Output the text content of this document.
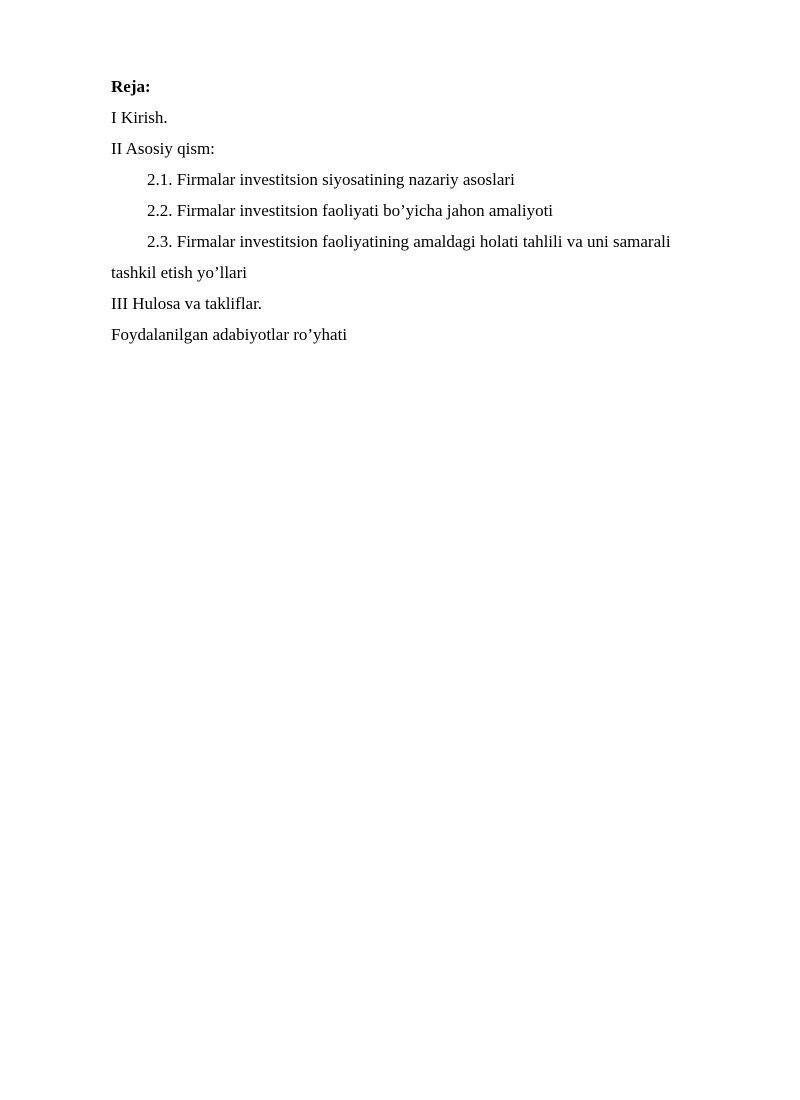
Reja:

I Kirish.

II Asosiy qism:

2.1. Firmalar investitsion siyosatining nazariy asoslari

2.2. Firmalar investitsion faoliyati bo’yicha jahon amaliyoti

2.3. Firmalar investitsion faoliyatining amaldagi holati tahlili va uni samarali

tashkil etish yo’llari

III Hulosa va takliflar.

Foydalanilgan adabiyotlar ro’yhati
